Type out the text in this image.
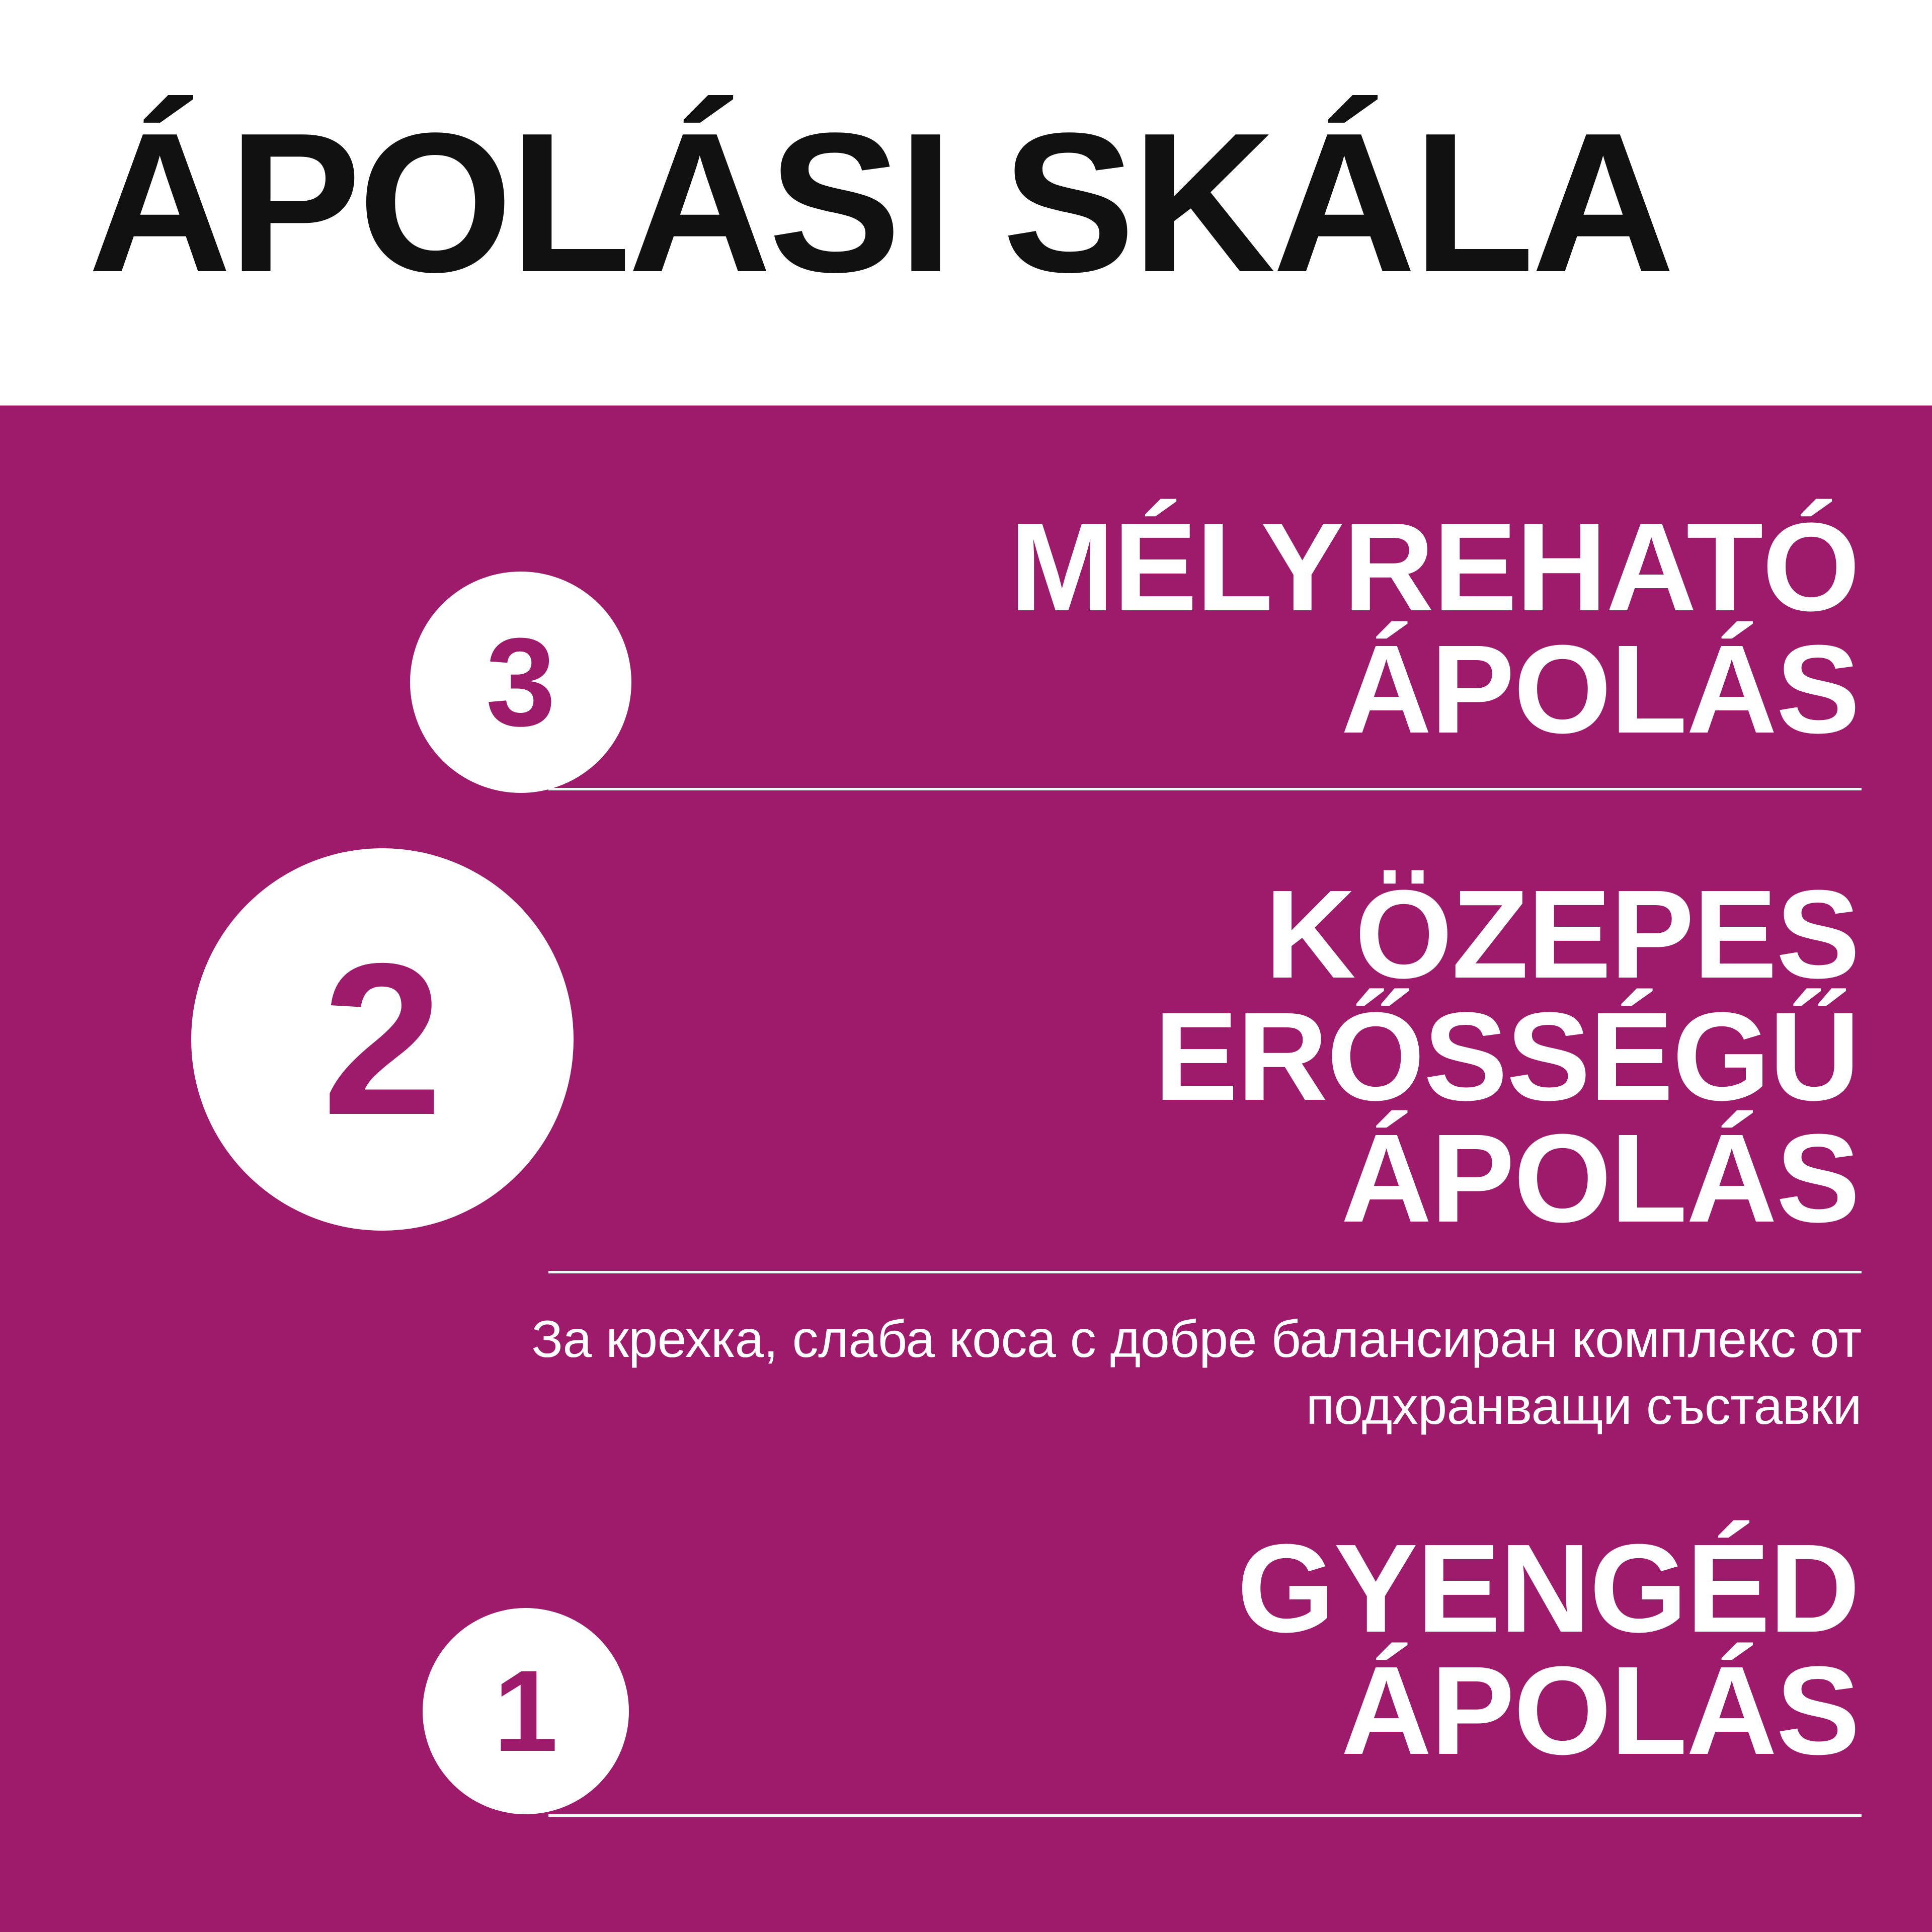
ÁPOLÁSI SKÁLA
3
MÉLYREHATÓ
ÁPOLÁS
2	KÖZEPES ERŐSSÉGŰ
ÁPOLÁS
За крехка, слаба коса с добре балансиран комплекс от подхранващи съставки
1
GYENGÉD
ÁPOLÁS
